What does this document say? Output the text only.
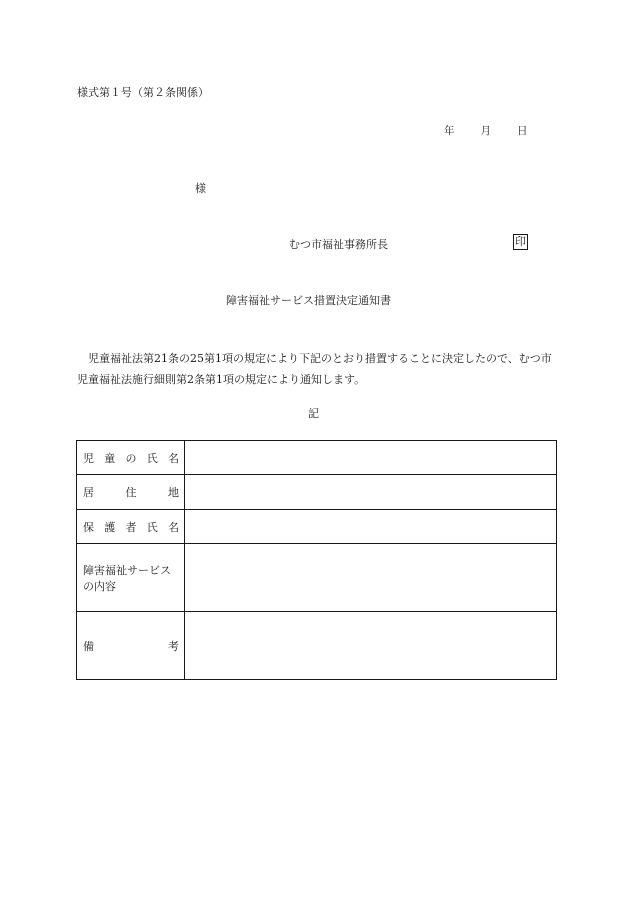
様式第１号（第２条関係）
年 月 日
様
むつ市福祉事務所長	印
障害福祉サービス措置決定通知書
児童福祉法第21条の25第1項の規定により下記のとおり措置することに決定したので、むつ市児童福祉法施行細則第2条第1項の規定により通知します。
記
児 童 の 氏 名	

居 住 地	

保 護 者 氏 名	

障害福祉サービスの内容	

備 考	
